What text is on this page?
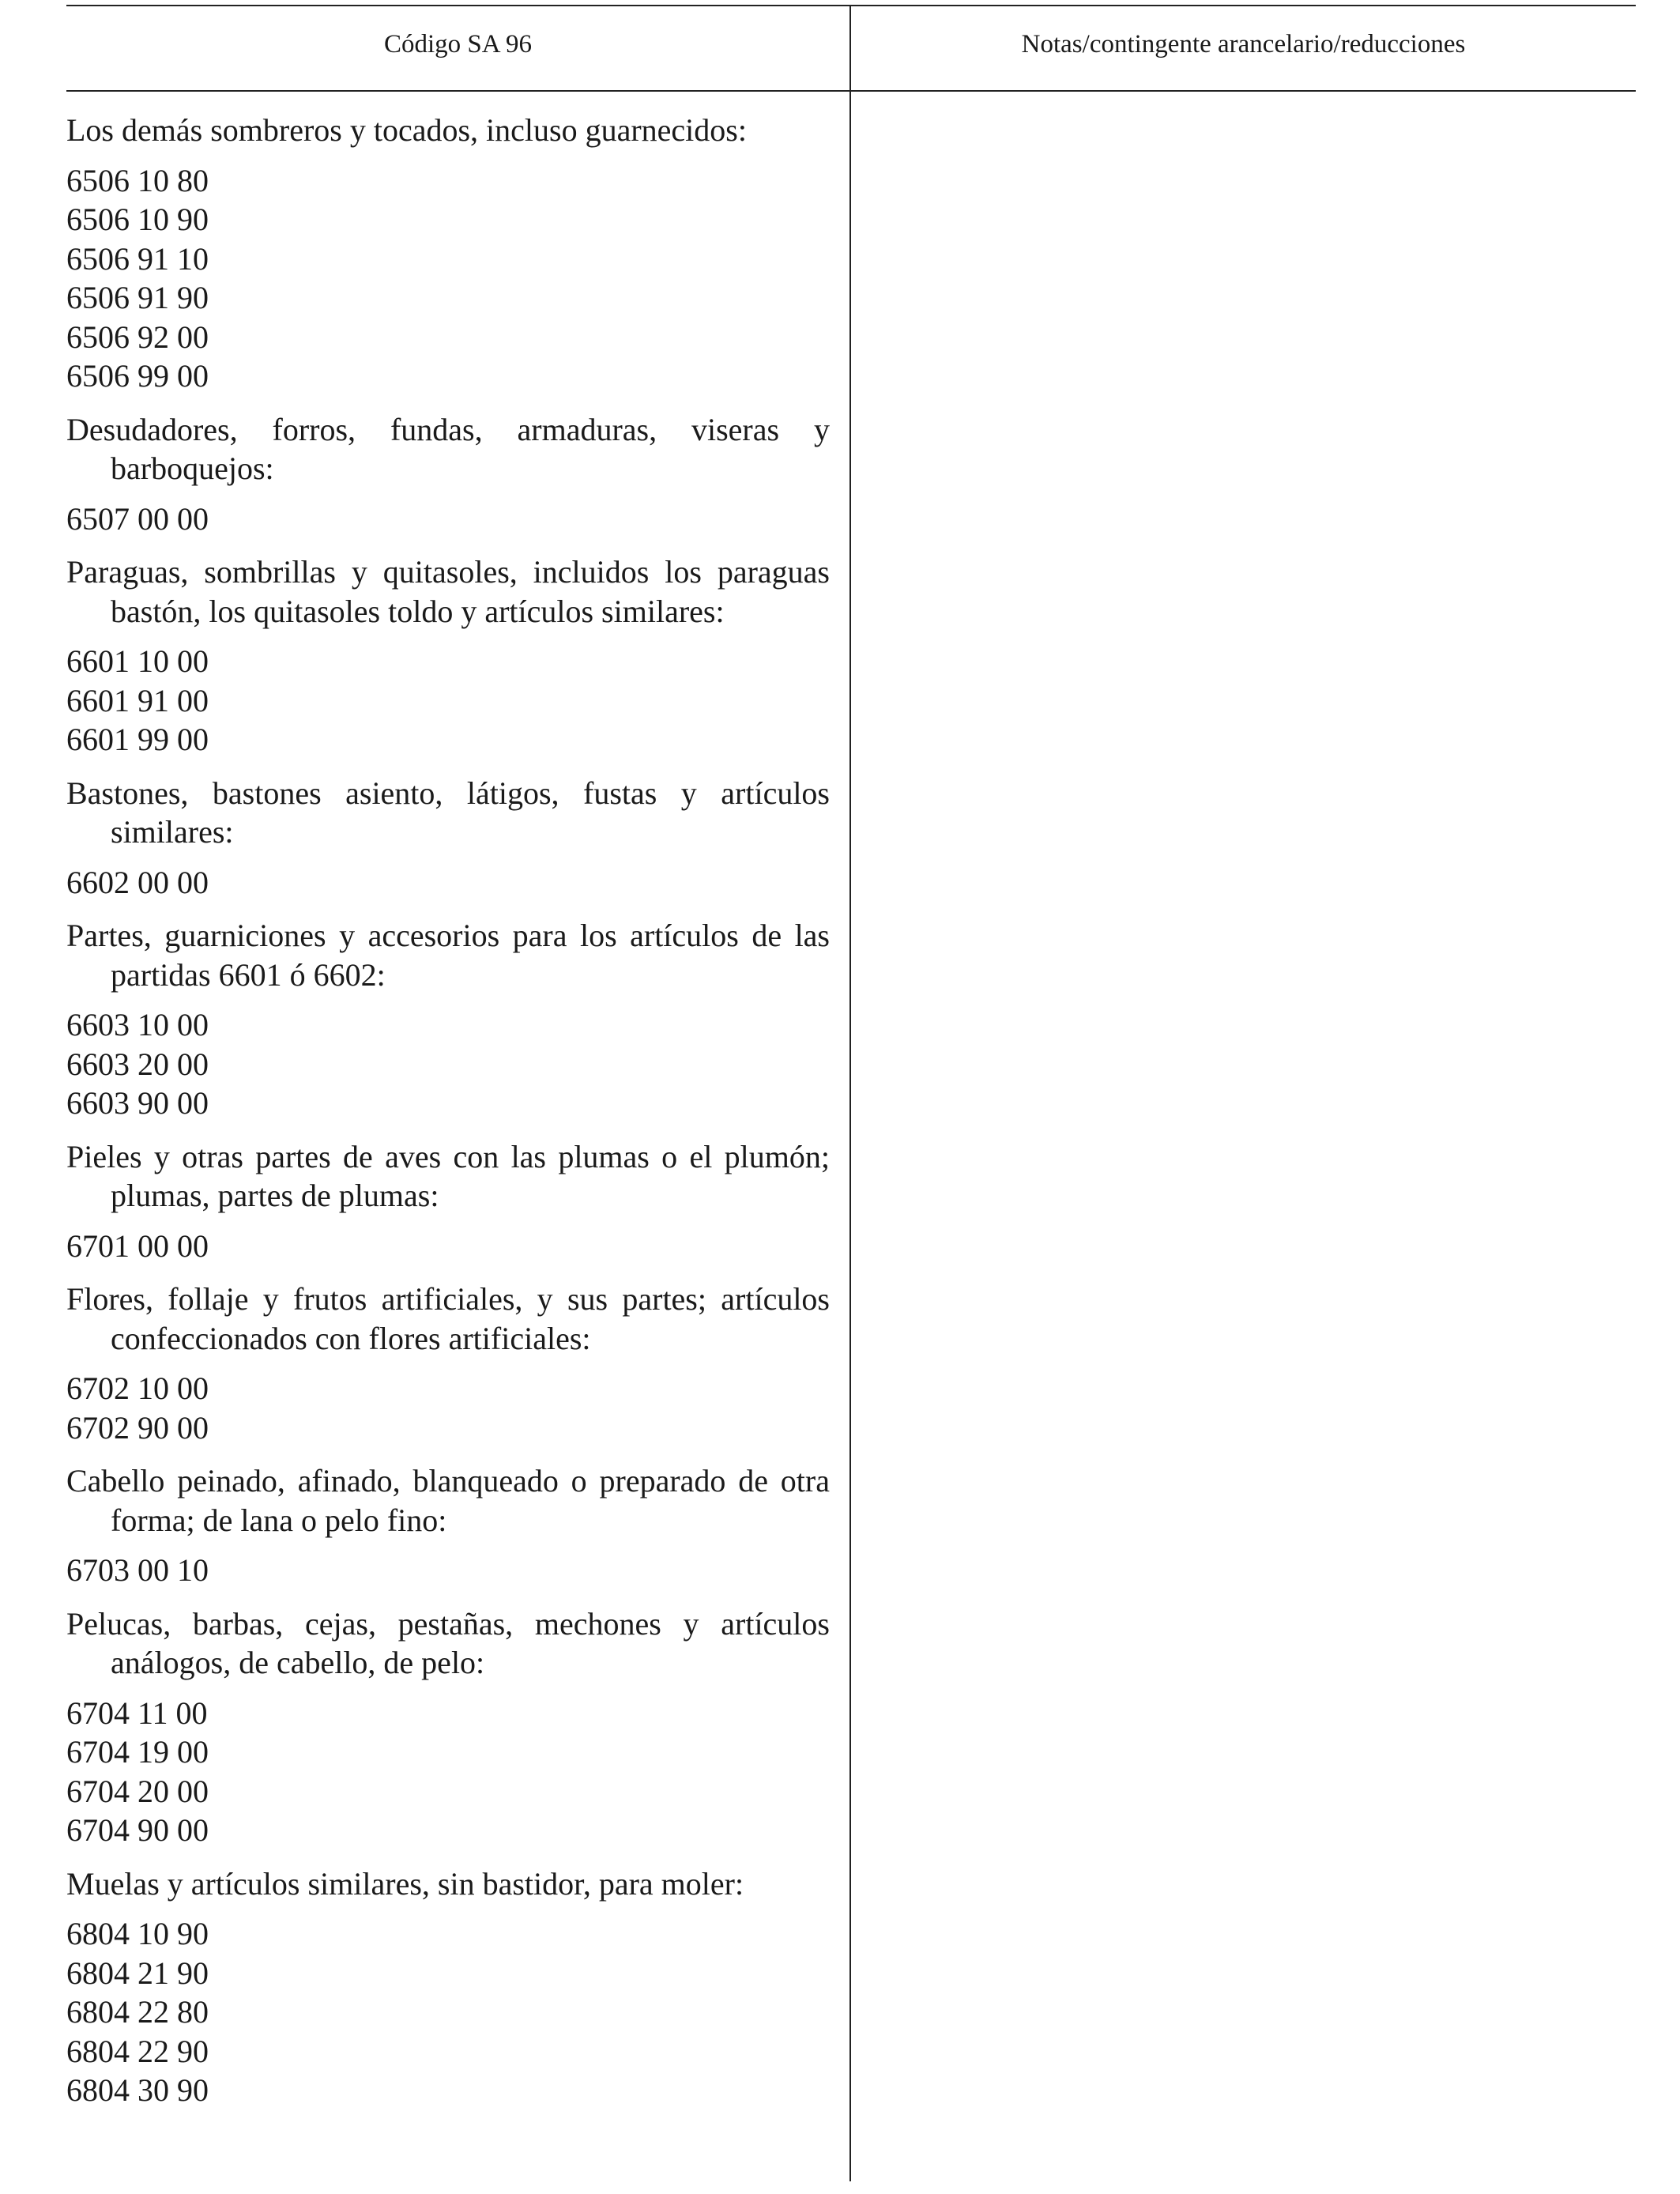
Código SA 96	Notas/contingente arancelario/reducciones
Los demás sombreros y tocados, incluso guarnecidos:
6506 10 80
6506 10 90
6506 91 10
6506 91 90
6506 92 00
6506 99 00
Desudadores, forros, fundas, armaduras, viseras y barboquejos:
6507 00 00
Paraguas, sombrillas y quitasoles, incluidos los paraguas bastón, los quitasoles toldo y artículos similares:
6601 10 00
6601 91 00
6601 99 00
Bastones, bastones asiento, látigos, fustas y artículos similares:
6602 00 00
Partes, guarniciones y accesorios para los artículos de las partidas 6601 ó 6602:
6603 10 00
6603 20 00
6603 90 00
Pieles y otras partes de aves con las plumas o el plumón; plumas, partes de plumas:
6701 00 00
Flores, follaje y frutos artificiales, y sus partes; artículos confeccionados con flores artificiales:
6702 10 00
6702 90 00
Cabello peinado, afinado, blanqueado o preparado de otra forma; de lana o pelo fino:
6703 00 10
Pelucas, barbas, cejas, pestañas, mechones y artículos análogos, de cabello, de pelo:
6704 11 00
6704 19 00
6704 20 00
6704 90 00
Muelas y artículos similares, sin bastidor, para moler:
6804 10 90
6804 21 90
6804 22 80
6804 22 90
6804 30 90
